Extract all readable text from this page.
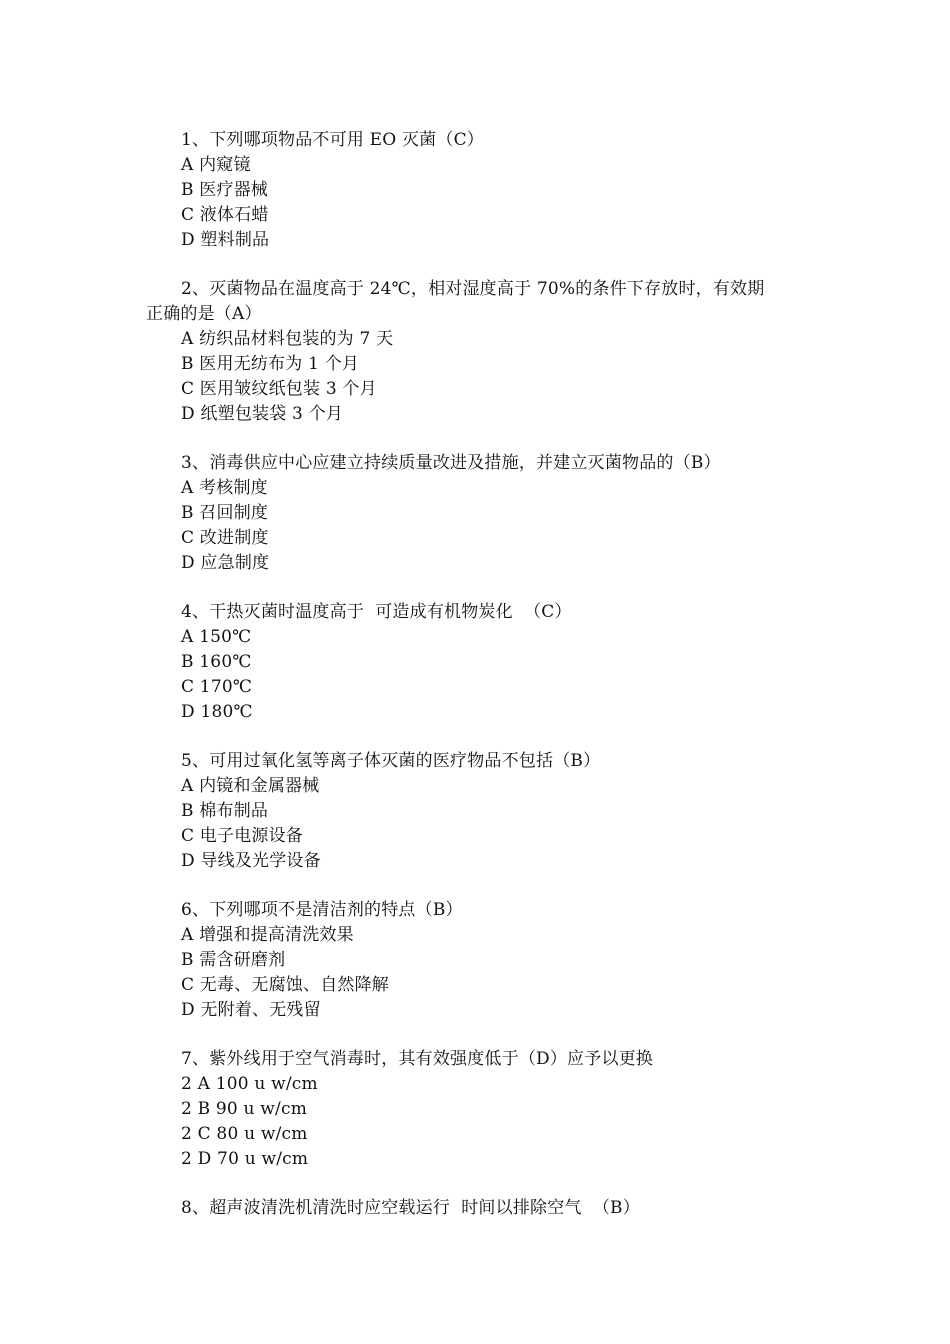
1、下列哪项物品不可用 EO 灭菌（C）
A 内窥镜
B 医疗器械
C 液体石蜡
D 塑料制品
2、灭菌物品在温度高于 24℃，相对湿度高于 70%的条件下存放时，有效期
正确的是（A）
A 纺织品材料包装的为 7 天
B 医用无纺布为 1 个月
C 医用皱纹纸包装 3 个月
D 纸塑包装袋 3 个月
3、消毒供应中心应建立持续质量改进及措施，并建立灭菌物品的（B）
A 考核制度
B 召回制度
C 改进制度
D 应急制度
4、干热灭菌时温度高于  可造成有机物炭化  （C）
A 150℃
B 160℃
C 170℃
D 180℃
5、可用过氧化氢等离子体灭菌的医疗物品不包括（B）
A 内镜和金属器械
B 棉布制品
C 电子电源设备
D 导线及光学设备
6、下列哪项不是清洁剂的特点（B）
A 增强和提高清洗效果
B 需含研磨剂
C 无毒、无腐蚀、自然降解
D 无附着、无残留
7、紫外线用于空气消毒时，其有效强度低于（D）应予以更换
2 A 100 u w/cm
2 B 90 u w/cm
2 C 80 u w/cm
2 D 70 u w/cm
8、超声波清洗机清洗时应空载运行  时间以排除空气  （B）
